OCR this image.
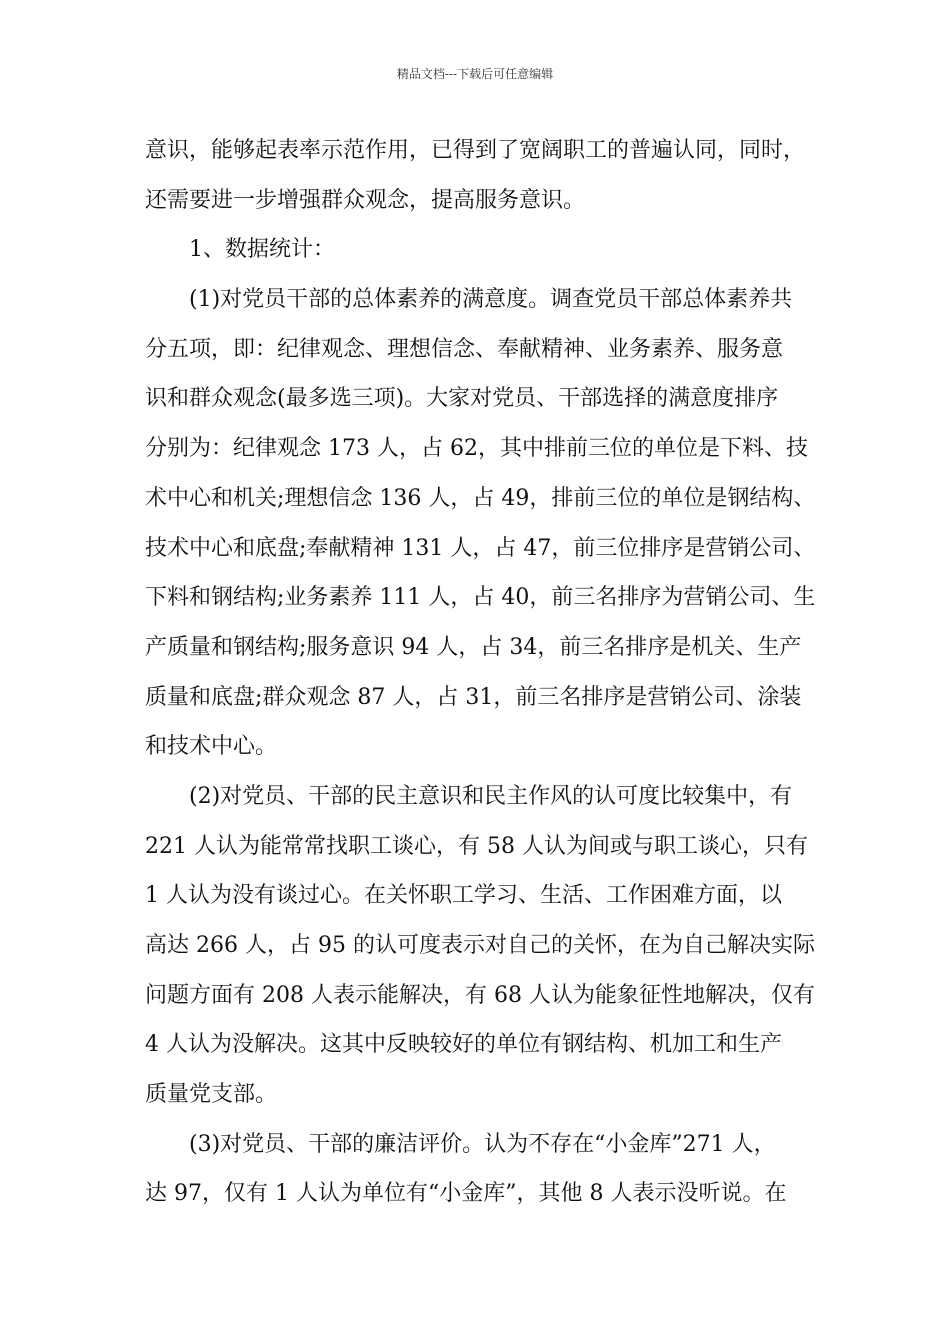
精品文档---下载后可任意编辑
意识，能够起表率示范作用，已得到了宽阔职工的普遍认同，同时，
还需要进一步增强群众观念，提高服务意识。
1、数据统计：
(1)对党员干部的总体素养的满意度。调查党员干部总体素养共
分五项，即：纪律观念、理想信念、奉献精神、业务素养、服务意
识和群众观念(最多选三项)。大家对党员、干部选择的满意度排序
分别为：纪律观念 173 人，占 62，其中排前三位的单位是下料、技
术中心和机关;理想信念 136 人，占 49，排前三位的单位是钢结构、
技术中心和底盘;奉献精神 131 人，占 47，前三位排序是营销公司、
下料和钢结构;业务素养 111 人，占 40，前三名排序为营销公司、生
产质量和钢结构;服务意识 94 人，占 34，前三名排序是机关、生产
质量和底盘;群众观念 87 人，占 31，前三名排序是营销公司、涂装
和技术中心。
(2)对党员、干部的民主意识和民主作风的认可度比较集中，有
221 人认为能常常找职工谈心，有 58 人认为间或与职工谈心，只有
1 人认为没有谈过心。在关怀职工学习、生活、工作困难方面，以
高达 266 人，占 95 的认可度表示对自己的关怀，在为自己解决实际
问题方面有 208 人表示能解决，有 68 人认为能象征性地解决，仅有
4 人认为没解决。这其中反映较好的单位有钢结构、机加工和生产
质量党支部。
(3)对党员、干部的廉洁评价。认为不存在“小金库”271 人，
达 97，仅有 1 人认为单位有“小金库”，其他 8 人表示没听说。在
